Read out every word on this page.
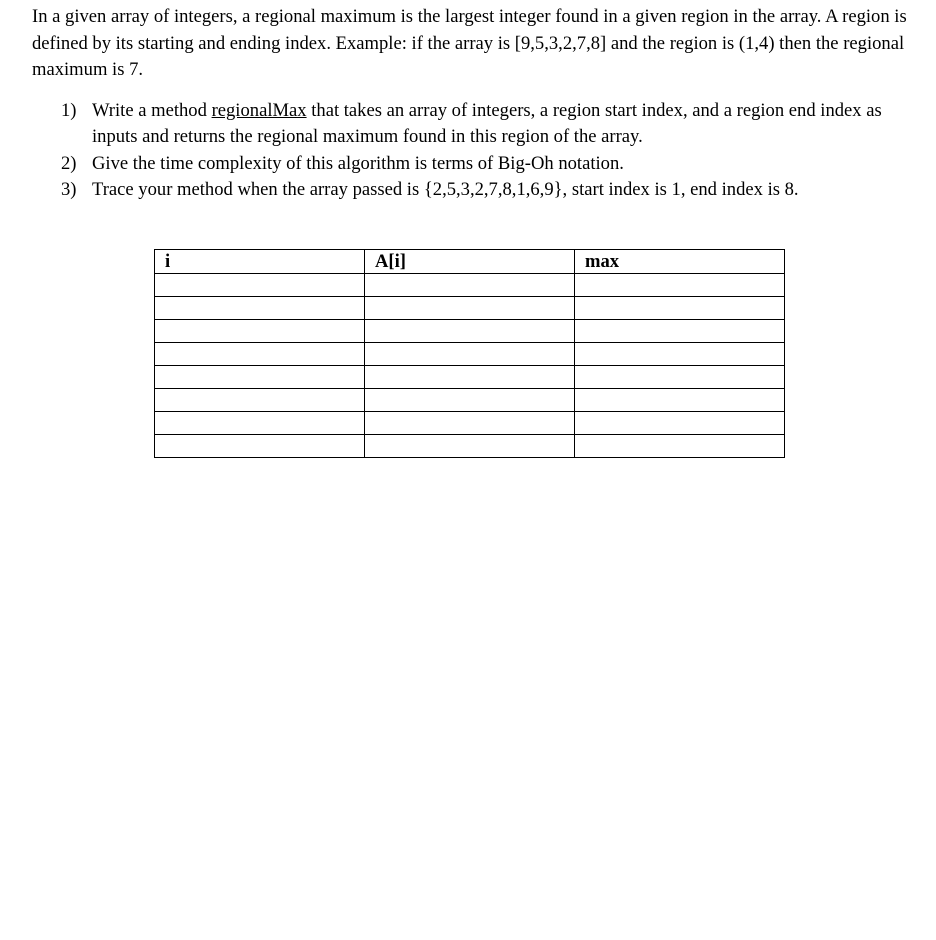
In a given array of integers, a regional maximum is the largest integer found in a given region in the array. A region is defined by its starting and ending index. Example: if the array is [9,5,3,2,7,8] and the region is (1,4) then the regional maximum is 7.

1) Write a method regionalMax that takes an array of integers, a region start index, and a region end index as inputs and returns the regional maximum found in this region of the array.
2) Give the time complexity of this algorithm is terms of Big-Oh notation.
3) Trace your method when the array passed is {2,5,3,2,7,8,1,6,9}, start index is 1, end index is 8.
i	A[i]	max
